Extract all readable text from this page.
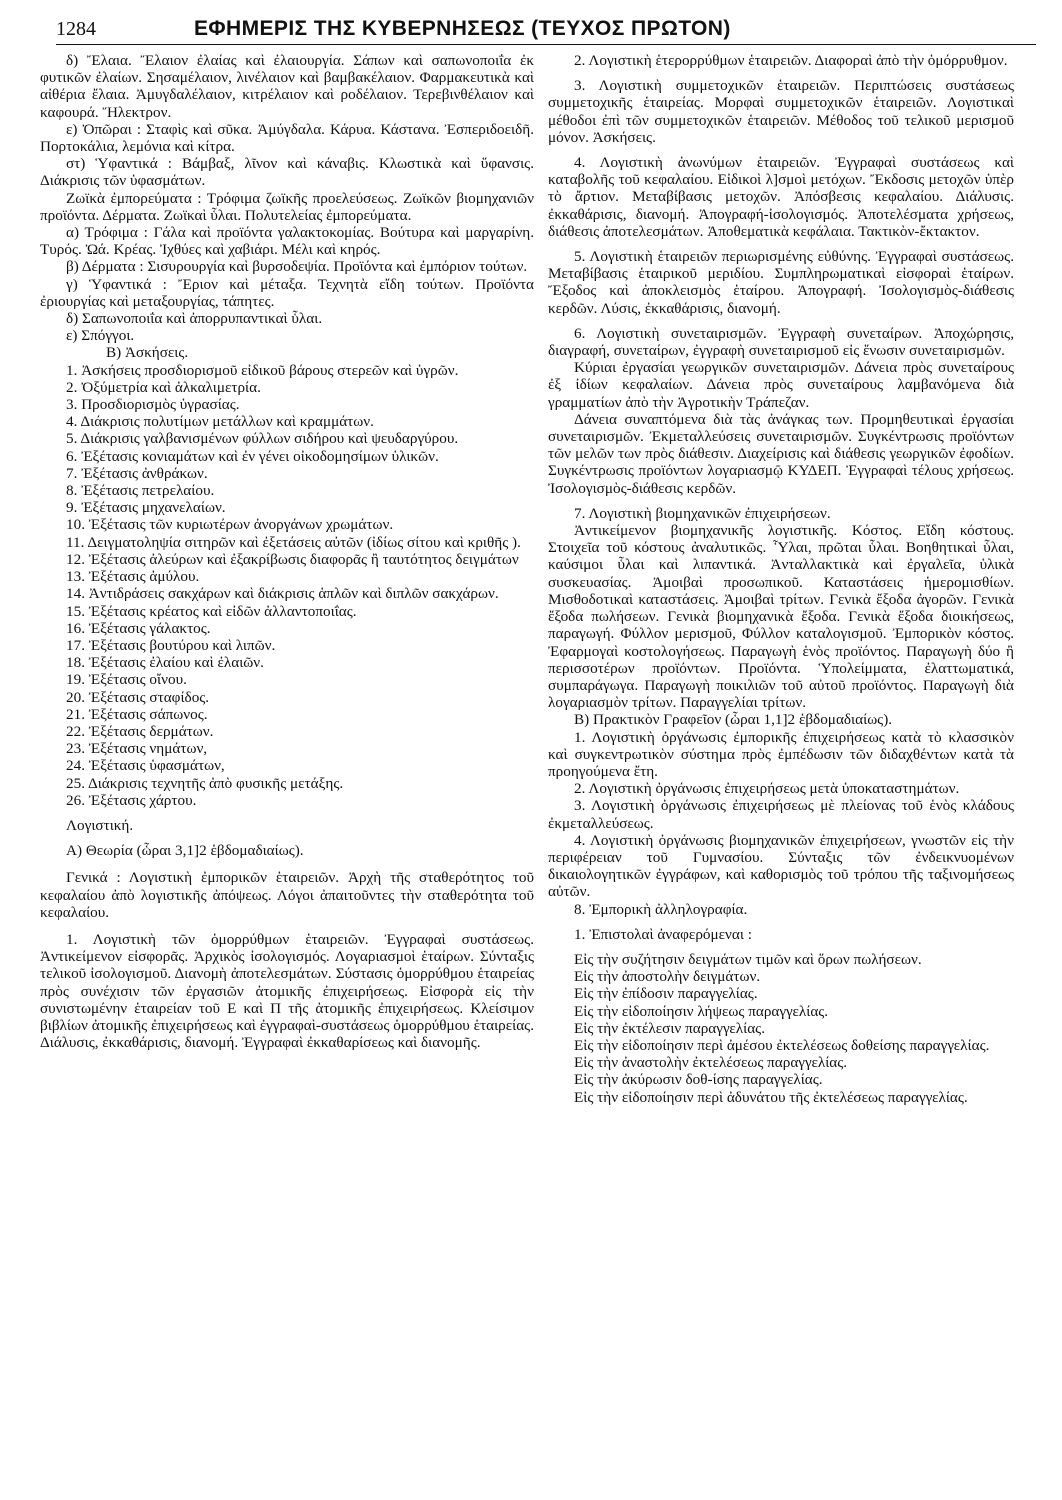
1284	ΕΦΗΜΕΡΙΣ ΤΗΣ ΚΥΒΕΡΝΗΣΕΩΣ (ΤΕΥΧΟΣ ΠΡΩΤΟΝ)

δ) Ἔλαια. Ἔλαιον ἐλαίας καὶ ἐλαιουργία. Σάπων καὶ σαπωνοποιΐα ἐκ φυτικῶν ἐλαίων. Σησαμέλαιον, λινέλαιον καὶ βαμβακέλαιον. Φαρμακευτικὰ καὶ αἰθέρια ἔλαια. Ἀμυγδαλέλαιον, κιτρέλαιον καὶ ροδέλαιον. Τερεβινθέλαιον καὶ καφουρά. Ἤλεκτρον.

ε) Ὀπῶραι : Σταφὶς καὶ σῦκα. Ἀμύγδαλα. Κάρυα. Κάστανα. Ἐσπεριδοειδῆ. Πορτοκάλια, λεμόνια καὶ κίτρα.

στ) Ὑφαντικά : Βάμβαξ, λῖνον καὶ κάναβις. Κλωστικὰ καὶ ὕφανσις. Διάκρισις τῶν ὑφασμάτων.

Ζωϊκὰ ἐμπορεύματα : Τρόφιμα ζωϊκῆς προελεύσεως. Ζωϊκῶν βιομηχανιῶν προϊόντα. Δέρματα. Ζωϊκαὶ ὗλαι. Πολυτελείας ἐμπορεύματα.

α) Τρόφιμα : Γάλα καὶ προϊόντα γαλακτοκομίας. Βούτυρα καὶ μαργαρίνη. Τυρός. Ὠά. Κρέας. Ἰχθύες καὶ χαβιάρι. Μέλι καὶ κηρός.

β) Δέρματα : Σισυρουργία καὶ βυρσοδεψία. Προϊόντα καὶ ἐμπόριον τούτων.

γ) Ὑφαντικά : Ἔριον καὶ μέταξα. Τεχνητὰ εἴδη τούτων. Προϊόντα ἐριουργίας καὶ μεταξουργίας, τάπητες.

δ) Σαπωνοποιΐα καὶ ἀπορρυπαντικαὶ ὗλαι.

ε) Σπόγγοι.

Β) Ἀσκήσεις.

1. Ἀσκήσεις προσδιορισμοῦ εἰδικοῦ βάρους στερεῶν καὶ ὑγρῶν.

2. Ὀξύμετρία καὶ ἀλκαλιμετρία.

3. Προσδιορισμὸς ὑγρασίας.

4. Διάκρισις πολυτίμων μετάλλων καὶ κραμμάτων.

5. Διάκρισις γαλβανισμένων φύλλων σιδήρου καὶ ψευδαργύρου.

6. Ἐξέτασις κονιαμάτων καὶ ἐν γένει οἰκοδομησίμων ὑλικῶν.

7. Ἐξέτασις ἀνθράκων.

8. Ἐξέτασις πετρελαίου.

9. Ἐξέτασις μηχανελαίων.

10. Ἐξέτασις τῶν κυριωτέρων ἀνοργάνων χρωμάτων.

11. Δειγματοληψία σιτηρῶν καὶ ἐξετάσεις αὐτῶν (ἰδίως σίτου καὶ κριθῆς ).

12. Ἐξέτασις ἀλεύρων καὶ ἐξακρίβωσις διαφορᾶς ἢ ταυτότητος δειγμάτων

13. Ἐξέτασις ἀμύλου.

14. Ἀντιδράσεις σακχάρων καὶ διάκρισις ἁπλῶν καὶ διπλῶν σακχάρων.

15. Ἐξέτασις κρέατος καὶ εἰδῶν ἀλλαντοποιΐας.

16. Ἐξέτασις γάλακτος.

17. Ἐξέτασις βουτύρου καὶ λιπῶν.

18. Ἐξέτασις ἐλαίου καὶ ἐλαιῶν.

19. Ἐξέτασις οἴνου.

20. Ἐξέτασις σταφίδος.

21. Ἐξέτασις σάπωνος.

22. Ἐξέτασις δερμάτων.

23. Ἐξέτασις νημάτων,

24. Ἐξέτασις ὑφασμάτων,

25. Διάκρισις τεχνητῆς ἀπὸ φυσικῆς μετάξης.

26. Ἐξέτασις χάρτου.

Λογιστική.

Α) Θεωρία (ὧραι 3,1]2 ἑβδομαδιαίως).

Γενικά : Λογιστικὴ ἐμπορικῶν ἑταιρειῶν. Ἀρχὴ τῆς σταθερότητος τοῦ κεφαλαίου ἀπὸ λογιστικῆς ἀπόψεως. Λόγοι ἀπαιτοῦντες τὴν σταθερότητα τοῦ κεφαλαίου.

1. Λογιστικὴ τῶν ὁμορρύθμων ἑταιρειῶν. Ἐγγραφαὶ συστάσεως. Ἀντικείμενον εἰσφορᾶς. Ἀρχικὸς ἰσολογισμός. Λογαριασμοὶ ἑταίρων. Σύνταξις τελικοῦ ἰσολογισμοῦ. Διανομὴ ἀποτελεσμάτων. Σύστασις ὁμορρύθμου ἑταιρείας πρὸς συνέχισιν τῶν ἐργασιῶν ἀτομικῆς ἐπιχειρήσεως. Εἰσφορὰ εἰς τὴν συνιστωμένην ἑταιρείαν τοῦ Ε καὶ Π τῆς ἀτομικῆς ἐπιχειρήσεως. Κλείσιμον βιβλίων ἀτομικῆς ἐπιχειρήσεως καὶ ἐγγραφαὶ-συστάσεως ὁμορρύθμου ἑταιρείας. Διάλυσις, ἐκκαθάρισις, διανομή. Ἐγγραφαὶ ἐκκαθαρίσεως καὶ διανομῆς.

2. Λογιστικὴ ἑτερορρύθμων ἑταιρειῶν. Διαφοραὶ ἀπὸ τὴν ὁμόρρυθμον.

3. Λογιστικὴ συμμετοχικῶν ἑταιρειῶν. Περιπτώσεις συστάσεως συμμετοχικῆς ἑταιρείας. Μορφαὶ συμμετοχικῶν ἑταιρειῶν. Λογιστικαὶ μέθοδοι ἐπὶ τῶν συμμετοχικῶν ἑταιρειῶν. Μέθοδος τοῦ τελικοῦ μερισμοῦ μόνον. Ἀσκήσεις.

4. Λογιστικὴ ἀνωνύμων ἑταιρειῶν. Ἐγγραφαὶ συστάσεως καὶ καταβολῆς τοῦ κεφαλαίου. Εἰδικοὶ λ]σμοὶ μετόχων. Ἔκδοσις μετοχῶν ὑπὲρ τὸ ἄρτιον. Μεταβίβασις μετοχῶν. Ἀπόσβεσις κεφαλαίου. Διάλυσις. ἐκκαθάρισις, διανομή. Ἀπογραφή-ἰσολογισμός. Ἀποτελέσματα χρήσεως, διάθεσις ἀποτελεσμάτων. Ἀποθεματικὰ κεφάλαια. Τακτικὸν-ἔκτακτον.

5. Λογιστικὴ ἑταιρειῶν περιωρισμένης εὐθύνης. Ἐγγραφαὶ συστάσεως. Μεταβίβασις ἑταιρικοῦ μεριδίου. Συμπληρωματικαὶ εἰσφοραὶ ἑταίρων. Ἔξοδος καὶ ἀποκλεισμὸς ἑταίρου. Ἀπογραφή. Ἰσολογισμὸς-διάθεσις κερδῶν. Λύσις, ἐκκαθάρισις, διανομή.

6. Λογιστικὴ συνεταιρισμῶν. Ἐγγραφὴ συνεταίρων. Ἀποχώρησις, διαγραφή, συνεταίρων, ἐγγραφὴ συνεταιρισμοῦ εἰς ἕνωσιν συνεταιρισμῶν.

Κύριαι ἐργασίαι γεωργικῶν συνεταιρισμῶν. Δάνεια πρὸς συνεταίρους ἐξ ἰδίων κεφαλαίων. Δάνεια πρὸς συνεταίρους λαμβανόμενα διὰ γραμματίων ἀπὸ τὴν Ἀγροτικὴν Τράπεζαν.

Δάνεια συναπτόμενα διὰ τὰς ἀνάγκας των. Προμηθευτικαὶ ἐργασίαι συνεταιρισμῶν. Ἐκμεταλλεύσεις συνεταιρισμῶν. Συγκέντρωσις προϊόντων τῶν μελῶν των πρὸς διάθεσιν. Διαχείρισις καὶ διάθεσις γεωργικῶν ἐφοδίων. Συγκέντρωσις προϊόντων λογαριασμῷ ΚΥΔΕΠ. Ἐγγραφαὶ τέλους χρήσεως. Ἰσολογισμὸς-διάθεσις κερδῶν.

7. Λογιστικὴ βιομηχανικῶν ἐπιχειρήσεων.

Ἀντικείμενον βιομηχανικῆς λογιστικῆς. Κόστος. Εἴδη κόστους. Στοιχεῖα τοῦ κόστους ἀναλυτικῶς. Ὗλαι, πρῶται ὗλαι. Βοηθητικαὶ ὗλαι, καύσιμοι ὗλαι καὶ λιπαντικά. Ἀνταλλακτικὰ καὶ ἐργαλεῖα, ὑλικὰ συσκευασίας. Ἀμοιβαὶ προσωπικοῦ. Καταστάσεις ἡμερομισθίων. Μισθοδοτικαὶ καταστάσεις. Ἀμοιβαὶ τρίτων. Γενικὰ ἔξοδα ἀγορῶν. Γενικὰ ἔξοδα πωλήσεων. Γενικὰ βιομηχανικὰ ἔξοδα. Γενικὰ ἔξοδα διοικήσεως, παραγωγή. Φύλλον μερισμοῦ, Φύλλον καταλογισμοῦ. Ἐμπορικὸν κόστος. Ἐφαρμογαὶ κοστολογήσεως. Παραγωγὴ ἑνὸς προϊόντος. Παραγωγὴ δύο ἢ περισσοτέρων προϊόντων. Προϊόντα. Ὑπολείμματα, ἐλαττωματικά, συμπαράγωγα. Παραγωγὴ ποικιλιῶν τοῦ αὐτοῦ προϊόντος. Παραγωγὴ διὰ λογαριασμὸν τρίτων. Παραγγελίαι τρίτων.

Β) Πρακτικὸν Γραφεῖον (ὧραι 1,1]2 ἑβδομαδιαίως).

1. Λογιστικὴ ὀργάνωσις ἐμπορικῆς ἐπιχειρήσεως κατὰ τὸ κλασσικὸν καὶ συγκεντρωτικὸν σύστημα πρὸς ἐμπέδωσιν τῶν διδαχθέντων κατὰ τὰ προηγούμενα ἔτη.

2. Λογιστικὴ ὀργάνωσις ἐπιχειρήσεως μετὰ ὑποκαταστημάτων.

3. Λογιστικὴ ὀργάνωσις ἐπιχειρήσεως μὲ πλείονας τοῦ ἑνὸς κλάδους ἐκμεταλλεύσεως.

4. Λογιστικὴ ὀργάνωσις βιομηχανικῶν ἐπιχειρήσεων, γνωστῶν εἰς τὴν περιφέρειαν τοῦ Γυμνασίου. Σύνταξις τῶν ἐνδεικνυομένων δικαιολογητικῶν ἐγγράφων, καὶ καθορισμὸς τοῦ τρόπου τῆς ταξινομήσεως αὐτῶν.

8. Ἐμπορικὴ ἀλληλογραφία.

1. Ἐπιστολαὶ ἀναφερόμεναι :

Εἰς τὴν συζήτησιν δειγμάτων τιμῶν καὶ ὅρων πωλήσεων.

Εἰς τὴν ἀποστολὴν δειγμάτων.

Εἰς τὴν ἐπίδοσιν παραγγελίας.

Εἰς τὴν εἰδοποίησιν λήψεως παραγγελίας.

Εἰς τὴν ἐκτέλεσιν παραγγελίας.

Εἰς τὴν εἰδοποίησιν περὶ ἀμέσου ἐκτελέσεως δοθείσης παραγγελίας.

Εἰς τὴν ἀναστολὴν ἐκτελέσεως παραγγελίας.

Εἰς τὴν ἀκύρωσιν δοθ-ίσης παραγγελίας.

Εἰς τὴν εἰδοποίησιν περὶ ἀδυνάτου τῆς ἐκτελέσεως παραγγελίας.
